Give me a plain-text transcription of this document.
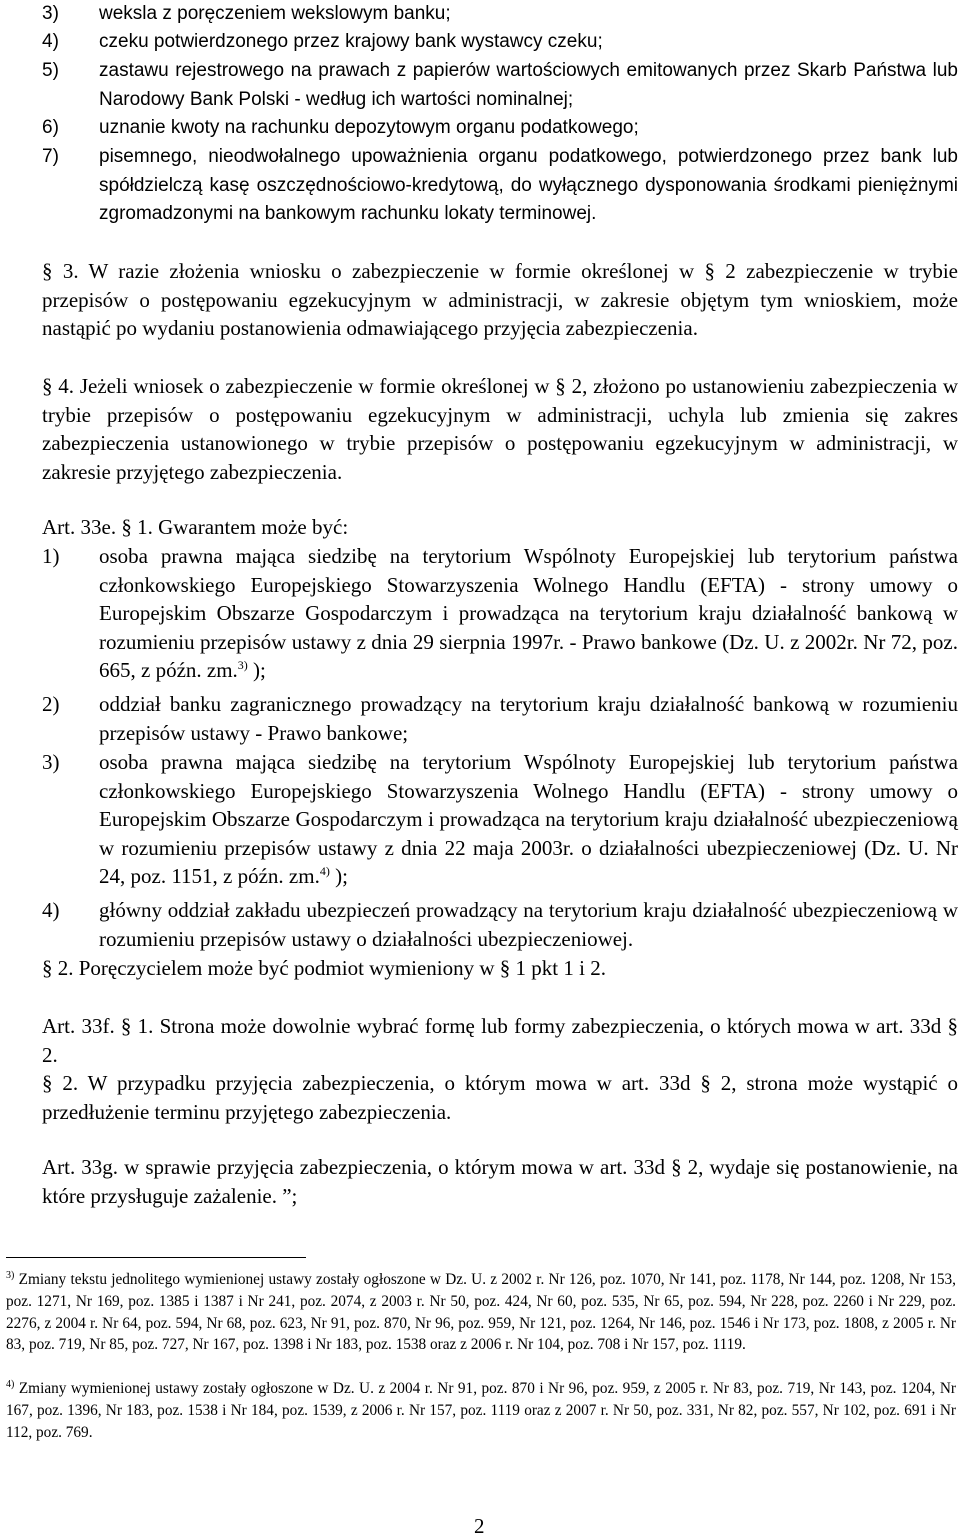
3) weksla z poręczeniem wekslowym banku;
4) czeku potwierdzonego przez krajowy bank wystawcy czeku;
5) zastawu rejestrowego na prawach z papierów wartościowych emitowanych przez Skarb Państwa lub Narodowy Bank Polski - według ich wartości nominalnej;
6) uznanie kwoty na rachunku depozytowym organu podatkowego;
7) pisemnego, nieodwołalnego upoważnienia organu podatkowego, potwierdzonego przez bank lub spółdzielczą kasę oszczędnościowo-kredytową, do wyłącznego dysponowania środkami pieniężnymi zgromadzonymi na bankowym rachunku lokaty terminowej.
§ 3. W razie złożenia wniosku o zabezpieczenie w formie określonej w § 2 zabezpieczenie w trybie przepisów o postępowaniu egzekucyjnym w administracji, w zakresie objętym tym wnioskiem, może nastąpić po wydaniu postanowienia odmawiającego przyjęcia zabezpieczenia.
§ 4. Jeżeli wniosek o zabezpieczenie w formie określonej w § 2, złożono po ustanowieniu zabezpieczenia w trybie przepisów o postępowaniu egzekucyjnym w administracji, uchyla lub zmienia się zakres zabezpieczenia ustanowionego w trybie przepisów o postępowaniu egzekucyjnym w administracji, w zakresie przyjętego zabezpieczenia.
Art. 33e. § 1. Gwarantem może być:
1) osoba prawna mająca siedzibę na terytorium Wspólnoty Europejskiej lub terytorium państwa członkowskiego Europejskiego Stowarzyszenia Wolnego Handlu (EFTA) - strony umowy o Europejskim Obszarze Gospodarczym i prowadząca na terytorium kraju działalność bankową w rozumieniu przepisów ustawy z dnia 29 sierpnia 1997r. - Prawo bankowe (Dz. U. z 2002r. Nr 72, poz. 665, z późn. zm.$^{3)}$ );
2) oddział banku zagranicznego prowadzący na terytorium kraju działalność bankową w rozumieniu przepisów ustawy - Prawo bankowe;
3) osoba prawna mająca siedzibę na terytorium Wspólnoty Europejskiej lub terytorium państwa członkowskiego Europejskiego Stowarzyszenia Wolnego Handlu (EFTA) - strony umowy o Europejskim Obszarze Gospodarczym i prowadząca na terytorium kraju działalność ubezpieczeniową w rozumieniu przepisów ustawy z dnia 22 maja 2003r. o działalności ubezpieczeniowej (Dz. U. Nr 24, poz. 1151, z późn. zm.$^{4)}$ );
4) główny oddział zakładu ubezpieczeń prowadzący na terytorium kraju działalność ubezpieczeniową w rozumieniu przepisów ustawy o działalności ubezpieczeniowej.
§ 2. Poręczycielem może być podmiot wymieniony w § 1 pkt 1 i 2.
Art. 33f. § 1. Strona może dowolnie wybrać formę lub formy zabezpieczenia, o których mowa w art. 33d § 2.
§ 2. W przypadku przyjęcia zabezpieczenia, o którym mowa w art. 33d § 2, strona może wystąpić o przedłużenie terminu przyjętego zabezpieczenia.
Art. 33g. w sprawie przyjęcia zabezpieczenia, o którym mowa w art. 33d § 2, wydaje się postanowienie, na które przysługuje zażalenie. ”;
$^{3)}$ Zmiany tekstu jednolitego wymienionej ustawy zostały ogłoszone w Dz. U. z 2002 r. Nr 126, poz. 1070, Nr 141, poz. 1178, Nr 144, poz. 1208, Nr 153, poz. 1271, Nr 169, poz. 1385 i 1387 i Nr 241, poz. 2074, z 2003 r. Nr 50, poz. 424, Nr 60, poz. 535, Nr 65, poz. 594, Nr 228, poz. 2260 i Nr 229, poz. 2276, z 2004 r. Nr 64, poz. 594, Nr 68, poz. 623, Nr 91, poz. 870, Nr 96, poz. 959, Nr 121, poz. 1264, Nr 146, poz. 1546 i Nr 173, poz. 1808, z 2005 r. Nr 83, poz. 719, Nr 85, poz. 727, Nr 167, poz. 1398 i Nr 183, poz. 1538 oraz z 2006 r. Nr 104, poz. 708 i Nr 157, poz. 1119.
$^{4)}$ Zmiany wymienionej ustawy zostały ogłoszone w Dz. U. z 2004 r. Nr 91, poz. 870 i Nr 96, poz. 959, z 2005 r. Nr 83, poz. 719, Nr 143, poz. 1204, Nr 167, poz. 1396, Nr 183, poz. 1538 i Nr 184, poz. 1539, z 2006 r. Nr 157, poz. 1119 oraz z 2007 r. Nr 50, poz. 331, Nr 82, poz. 557, Nr 102, poz. 691 i Nr 112, poz. 769.
2
